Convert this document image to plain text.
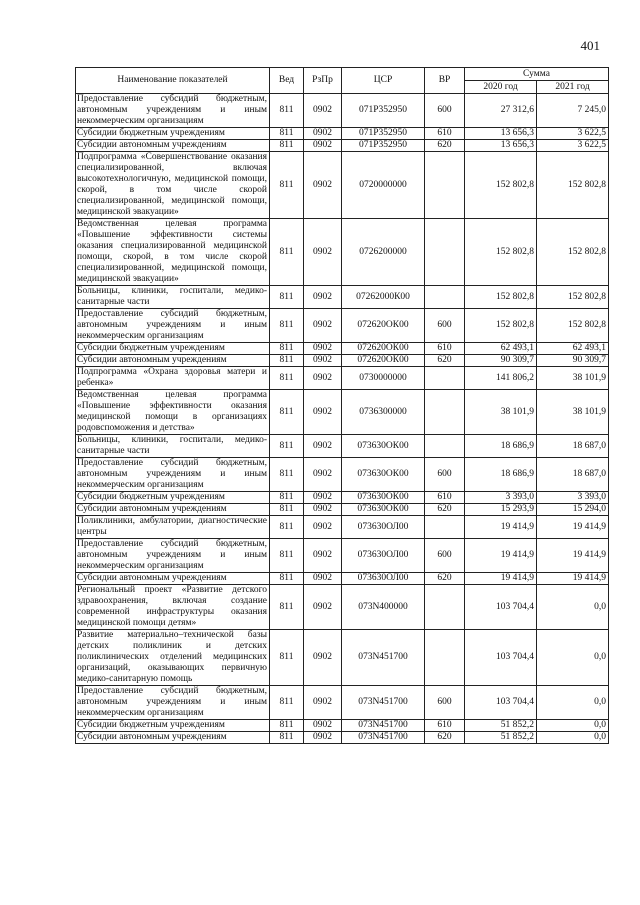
401
Наименование показателей	Вед	РзПр	ЦСР	ВР	Сумма	
					2020 год	2021 год
Предоставление субсидий бюджетным, автономным учреждениям и иным некоммерческим организациям	811	0902	071P352950	600	27 312,6	7 245,0
Субсидии бюджетным учреждениям	811	0902	071P352950	610	13 656,3	3 622,5
Субсидии автономным учреждениям	811	0902	071P352950	620	13 656,3	3 622,5
Подпрограмма «Совершенствование оказания специализированной, включая высокотехнологичную, медицинской помощи, скорой, в том числе скорой специализированной, медицинской помощи, медицинской эвакуации»	811	0902	0720000000		152 802,8	152 802,8
Ведомственная целевая программа «Повышение эффективности системы оказания специализированной медицинской помощи, скорой, в том числе скорой специализированной, медицинской помощи, медицинской эвакуации»	811	0902	0726200000		152 802,8	152 802,8
Больницы, клиники, госпитали, медико-санитарные части	811	0902	07262000К00		152 802,8	152 802,8
Предоставление субсидий бюджетным, автономным учреждениям и иным некоммерческим организациям	811	0902	072620ОК00	600	152 802,8	152 802,8
Субсидии бюджетным учреждениям	811	0902	072620ОК00	610	62 493,1	62 493,1
Субсидии автономным учреждениям	811	0902	072620ОК00	620	90 309,7	90 309,7
Подпрограмма «Охрана здоровья матери и ребенка»	811	0902	0730000000		141 806,2	38 101,9
Ведомственная целевая программа «Повышение эффективности оказания медицинской помощи в организациях родовспоможения и детства»	811	0902	0736300000		38 101,9	38 101,9
Больницы, клиники, госпитали, медико-санитарные части	811	0902	073630ОК00		18 686,9	18 687,0
Предоставление субсидий бюджетным, автономным учреждениям и иным некоммерческим организациям	811	0902	073630ОК00	600	18 686,9	18 687,0
Субсидии бюджетным учреждениям	811	0902	073630ОК00	610	3 393,0	3 393,0
Субсидии автономным учреждениям	811	0902	073630ОК00	620	15 293,9	15 294,0
Поликлиники, амбулатории, диагностические центры	811	0902	073630ОЛ00		19 414,9	19 414,9
Предоставление субсидий бюджетным, автономным учреждениям и иным некоммерческим организациям	811	0902	073630ОЛ00	600	19 414,9	19 414,9
Субсидии автономным учреждениям	811	0902	073630ОЛ00	620	19 414,9	19 414,9
Региональный проект «Развитие детского здравоохранения, включая создание современной инфраструктуры оказания медицинской помощи детям»	811	0902	073N400000		103 704,4	0,0
Развитие материально–технической базы детских поликлиник и детских поликлинических отделений медицинских организаций, оказывающих первичную медико-санитарную помощь	811	0902	073N451700		103 704,4	0,0
Предоставление субсидий бюджетным, автономным учреждениям и иным некоммерческим организациям	811	0902	073N451700	600	103 704,4	0,0
Субсидии бюджетным учреждениям	811	0902	073N451700	610	51 852,2	0,0
Субсидии автономным учреждениям	811	0902	073N451700	620	51 852,2	0,0
